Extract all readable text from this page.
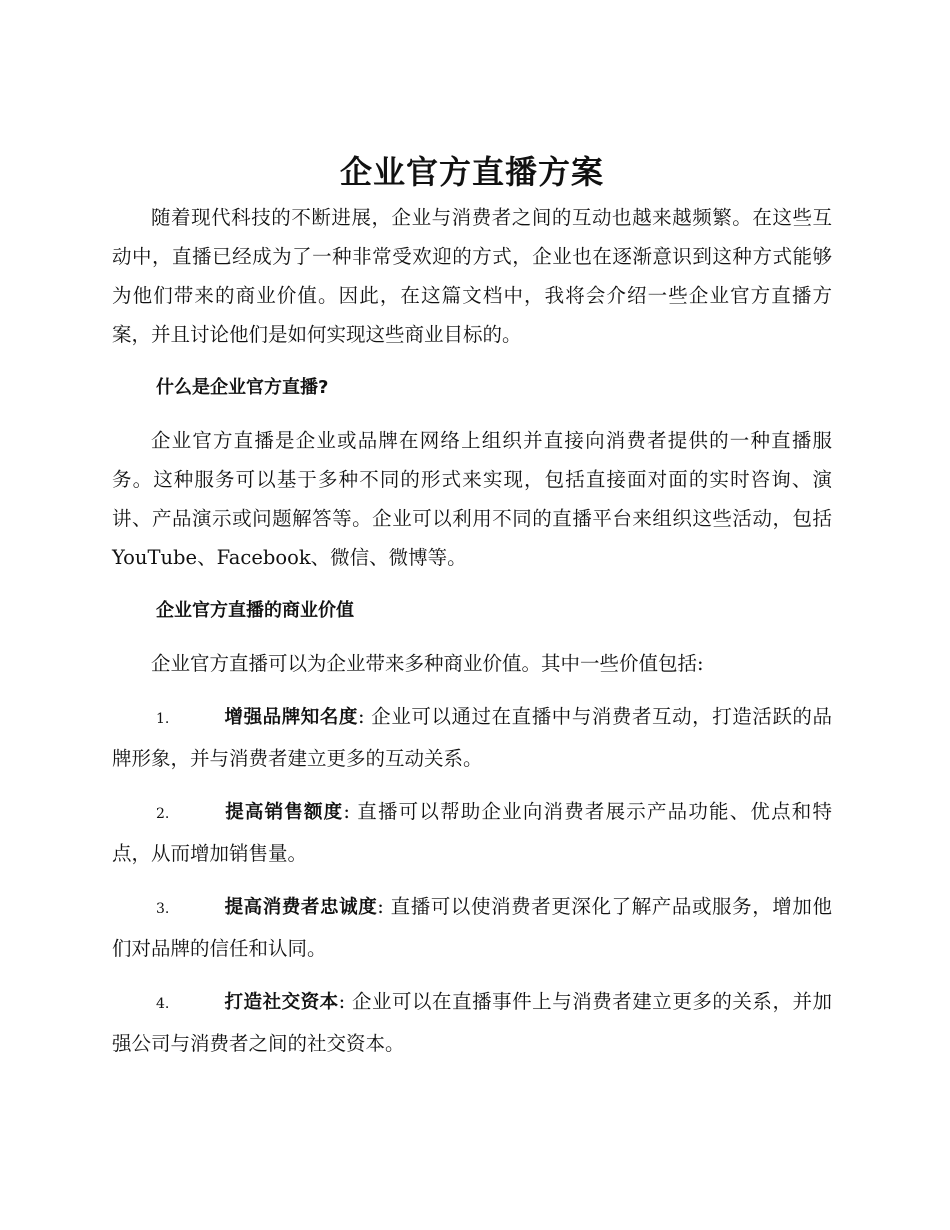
企业官方直播方案

随着现代科技的不断进展，企业与消费者之间的互动也越来越频繁。在这些互动中，直播已经成为了一种非常受欢迎的方式，企业也在逐渐意识到这种方式能够为他们带来的商业价值。因此，在这篇文档中，我将会介绍一些企业官方直播方案，并且讨论他们是如何实现这些商业目标的。

什么是企业官方直播?

企业官方直播是企业或品牌在网络上组织并直接向消费者提供的一种直播服务。这种服务可以基于多种不同的形式来实现，包括直接面对面的实时咨询、演讲、产品演示或问题解答等。企业可以利用不同的直播平台来组织这些活动，包括 YouTube、Facebook、微信、微博等。

企业官方直播的商业价值

企业官方直播可以为企业带来多种商业价值。其中一些价值包括:

1.	增强品牌知名度: 企业可以通过在直播中与消费者互动，打造活跃的品牌形象，并与消费者建立更多的互动关系。

2.	提高销售额度: 直播可以帮助企业向消费者展示产品功能、优点和特点，从而增加销售量。

3.	提高消费者忠诚度: 直播可以使消费者更深化了解产品或服务，增加他们对品牌的信任和认同。

4.	打造社交资本: 企业可以在直播事件上与消费者建立更多的关系，并加强公司与消费者之间的社交资本。
